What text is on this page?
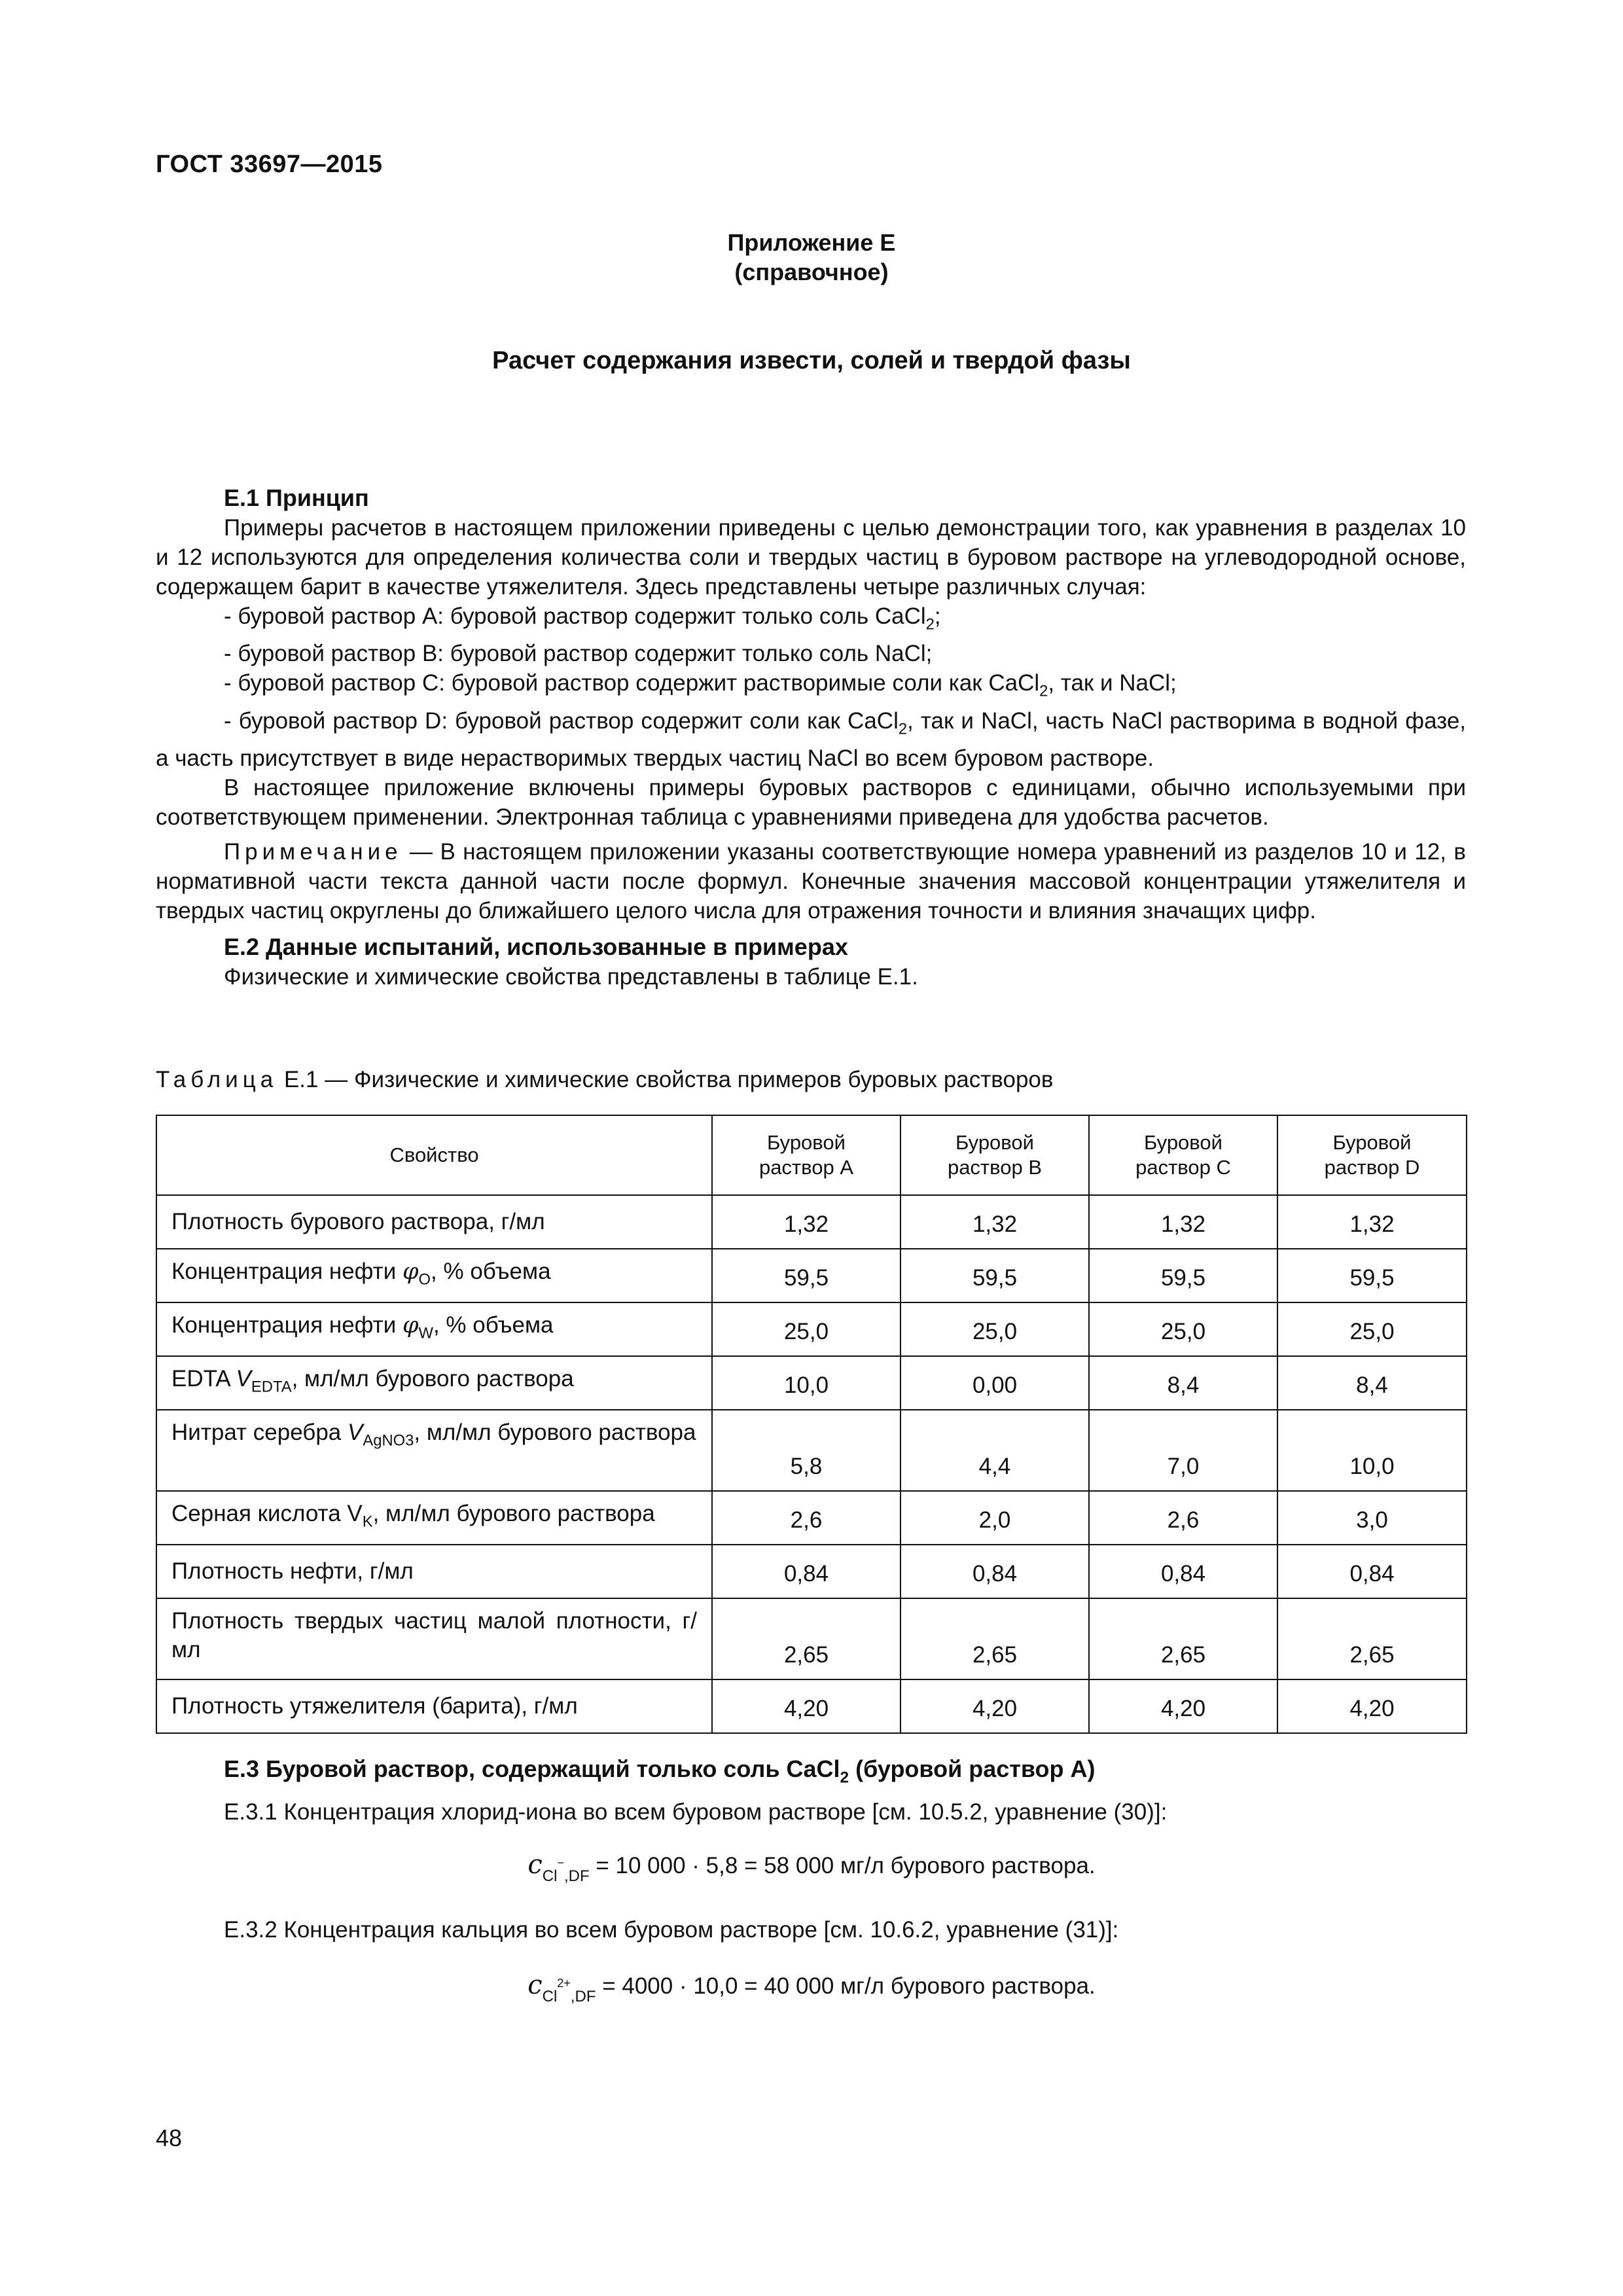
ГОСТ 33697—2015
Приложение Е
(справочное)
Расчет содержания извести, солей и твердой фазы
Е.1 Принцип

Примеры расчетов в настоящем приложении приведены с целью демонстрации того, как уравнения в разделах 10 и 12 используются для определения количества соли и твердых частиц в буровом растворе на углеводородной основе, содержащем барит в качестве утяжелителя. Здесь представлены четыре различных случая:

- буровой раствор А: буровой раствор содержит только соль CaCl$_2$;

- буровой раствор В: буровой раствор содержит только соль NaCl;

- буровой раствор С: буровой раствор содержит растворимые соли как CaCl$_2$, так и NaCl;

- буровой раствор D: буровой раствор содержит соли как CaCl$_2$, так и NaCl, часть NaCl растворима в водной фазе, а часть присутствует в виде нерастворимых твердых частиц NaCl во всем буровом растворе.

В настоящее приложение включены примеры буровых растворов с единицами, обычно используемыми при соответствующем применении. Электронная таблица с уравнениями приведена для удобства расчетов.

Примечание — В настоящем приложении указаны соответствующие номера уравнений из разделов 10 и 12, в нормативной части текста данной части после формул. Конечные значения массовой концентрации утяжелителя и твердых частиц округлены до ближайшего целого числа для отражения точности и влияния значащих цифр.

Е.2 Данные испытаний, использованные в примерах

Физические и химические свойства представлены в таблице Е.1.

Таблица Е.1 — Физические и химические свойства примеров буровых растворов
Свойство	Буровой
раствор А	Буровой
раствор В	Буровой
раствор С	Буровой
раствор D
Плотность бурового раствора, г/мл	1,32	1,32	1,32	1,32
Концентрация нефти $\varphi_O$, % объема	59,5	59,5	59,5	59,5
Концентрация нефти $\varphi_W$, % объема	25,0	25,0	25,0	25,0
EDTA $V_{EDTA}$, мл/мл бурового раствора	10,0	0,00	8,4	8,4
Нитрат серебра $V_{AgNO3}$, мл/мл бурового раствора	5,8	4,4	7,0	10,0
Серная кислота $V_K$, мл/мл бурового раствора	2,6	2,0	2,6	3,0
Плотность нефти, г/мл	0,84	0,84	0,84	0,84
Плотность твердых частиц малой плотности, г/мл	2,65	2,65	2,65	2,65
Плотность утяжелителя (барита), г/мл	4,20	4,20	4,20	4,20
Е.3 Буровой раствор, содержащий только соль CaCl$_2$ (буровой раствор А)

Е.3.1 Концентрация хлорид-иона во всем буровом растворе [см. 10.5.2, уравнение (30)]:

$c_{Cl}^-_{,DF} = 10$ 000 · 5,8 = 58 000 мг/л бурового раствора.

Е.3.2 Концентрация кальция во всем буровом растворе [см. 10.6.2, уравнение (31)]:

$c_{Cl}^{2+}_{,DF} = 4000 \cdot 10,0 = 40$ 000 мг/л бурового раствора.
48
